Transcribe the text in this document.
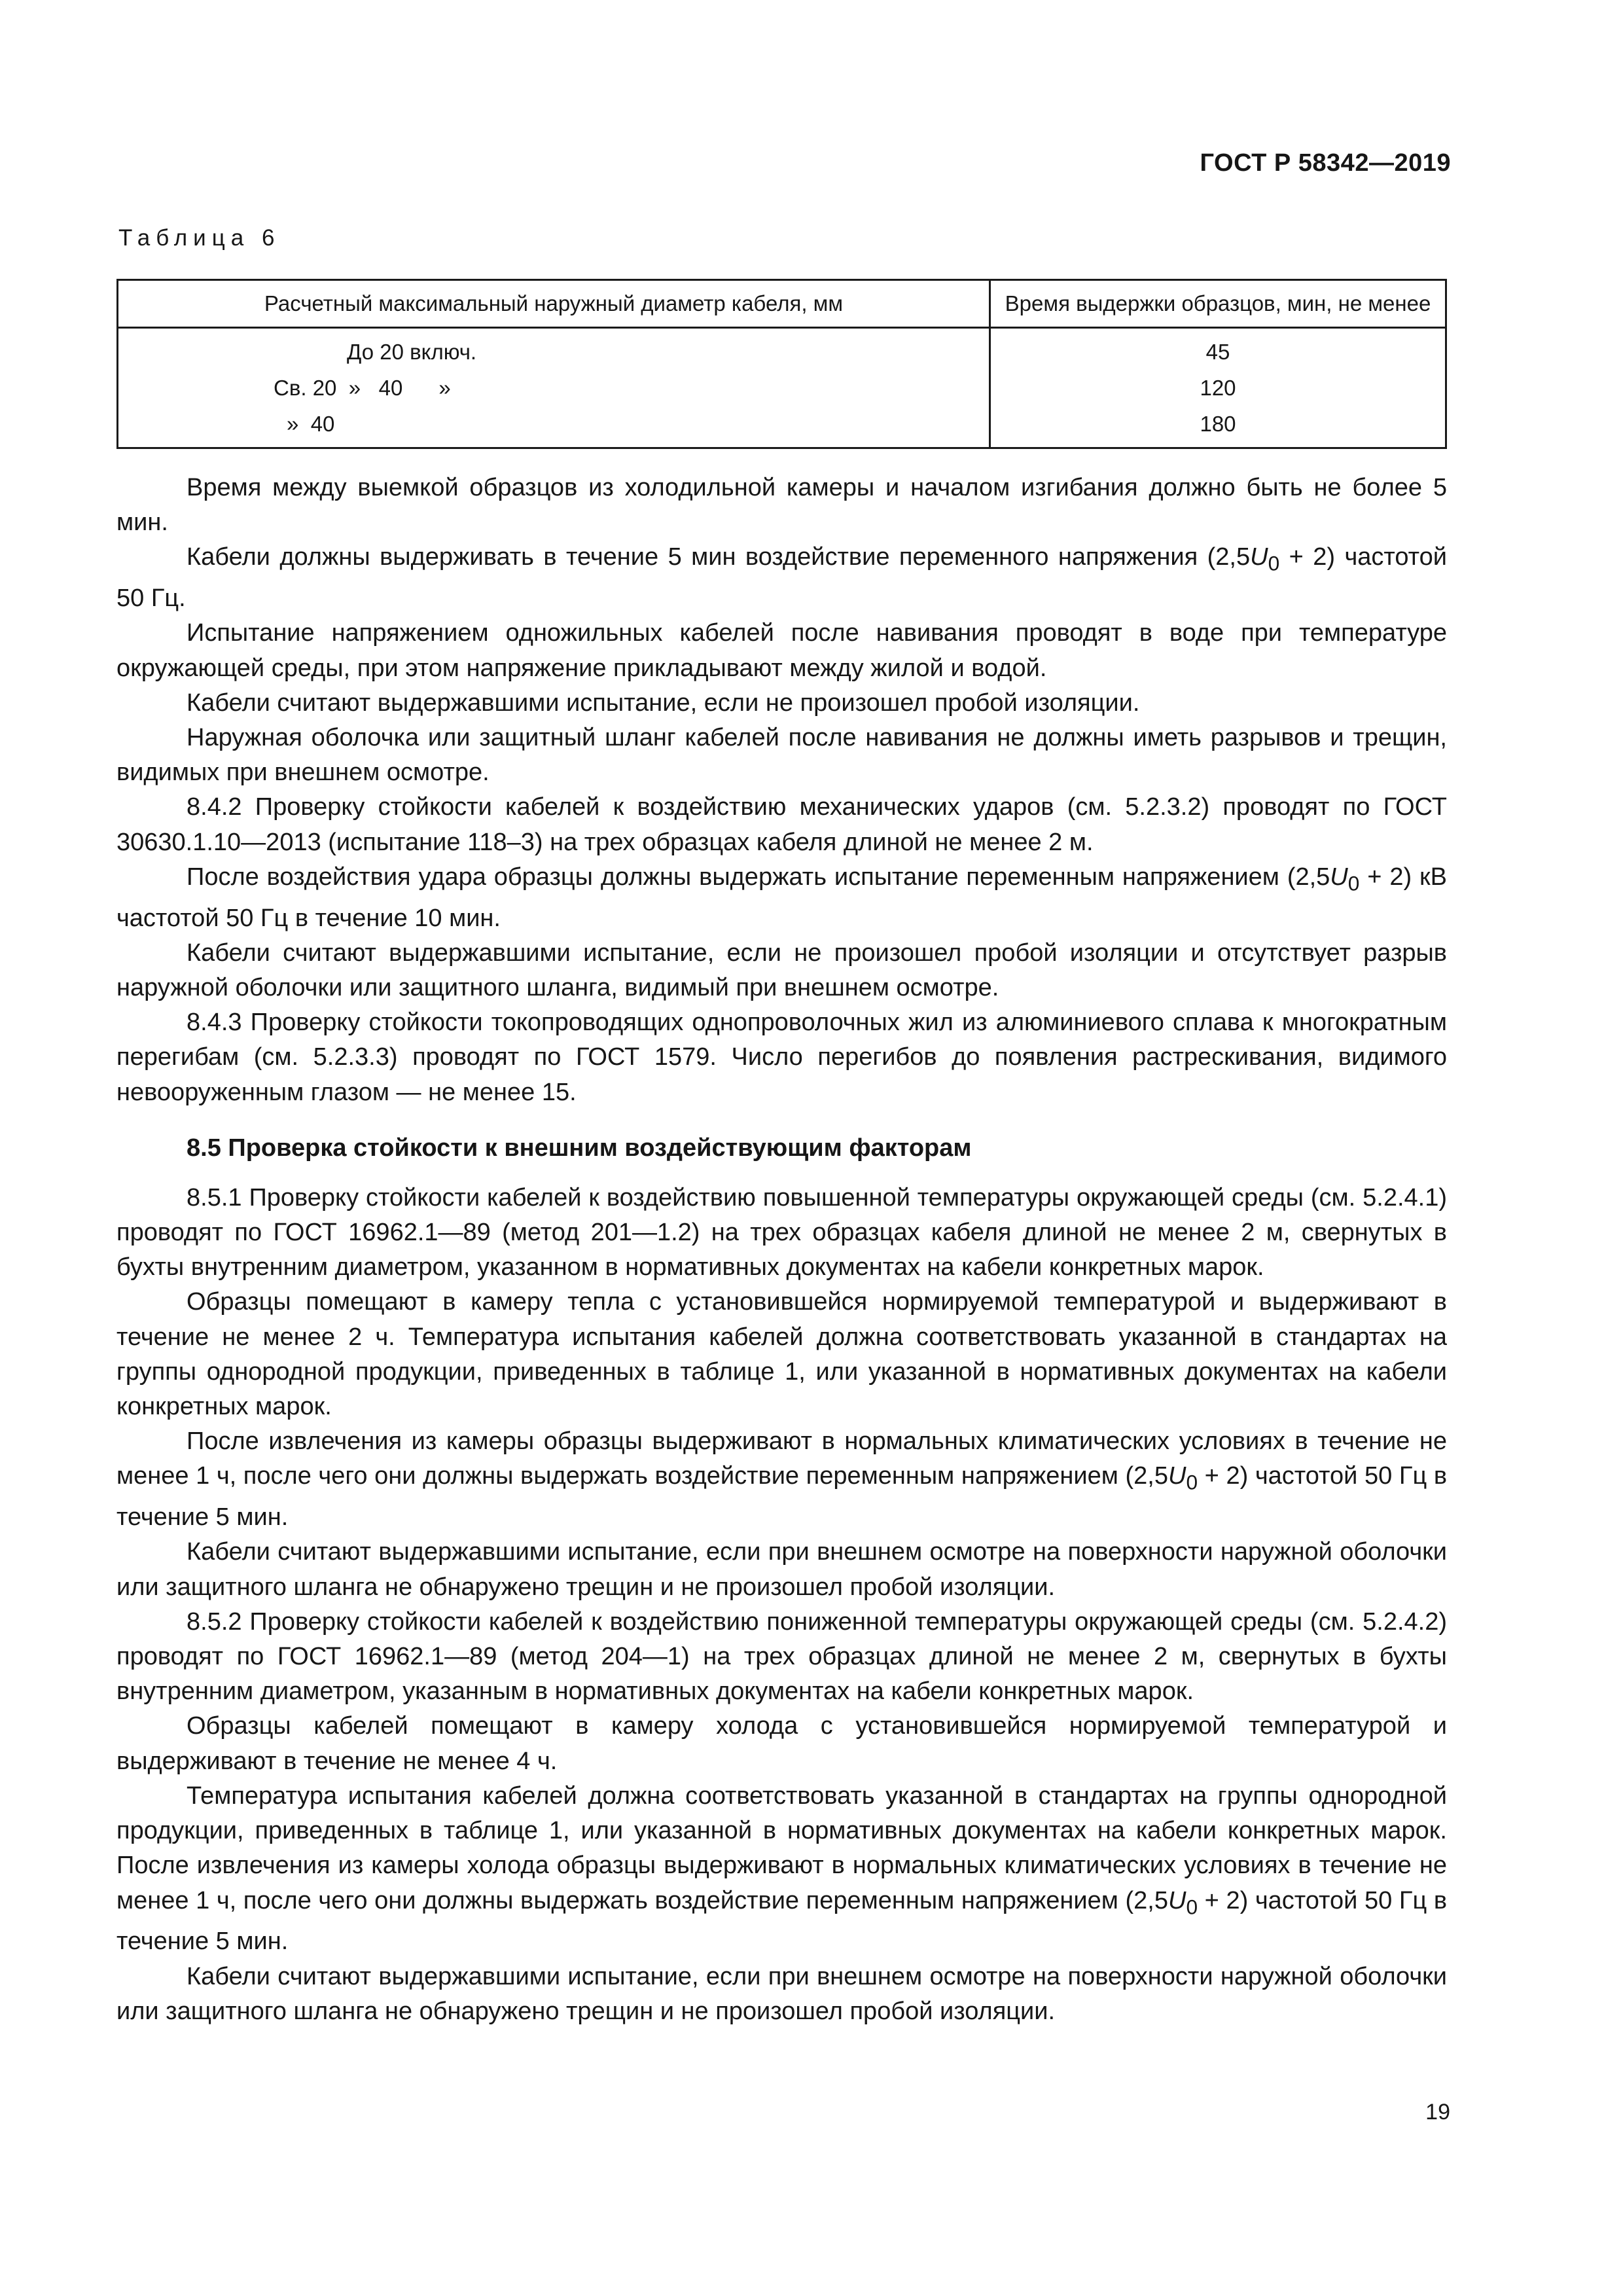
ГОСТ Р 58342—2019
Таблица 6
Расчетный максимальный наружный диаметр кабеля, мм	Время выдержки образцов, мин, не менее
До 20 включ.	45
Св. 20  »   40      »	120
»  40	180

Время между выемкой образцов из холодильной камеры и началом изгибания должно быть не более 5 мин.

Кабели должны выдерживать в течение 5 мин воздействие переменного напряжения $(2,5U_0 + 2)$ частотой 50 Гц.

Испытание напряжением одножильных кабелей после навивания проводят в воде при температуре окружающей среды, при этом напряжение прикладывают между жилой и водой.

Кабели считают выдержавшими испытание, если не произошел пробой изоляции.

Наружная оболочка или защитный шланг кабелей после навивания не должны иметь разрывов и трещин, видимых при внешнем осмотре.

8.4.2 Проверку стойкости кабелей к воздействию механических ударов (см. 5.2.3.2) проводят по ГОСТ 30630.1.10—2013 (испытание 118–3) на трех образцах кабеля длиной не менее 2 м.

После воздействия удара образцы должны выдержать испытание переменным напряжением $(2,5U_0 + 2)$ кВ частотой 50 Гц в течение 10 мин.

Кабели считают выдержавшими испытание, если не произошел пробой изоляции и отсутствует разрыв наружной оболочки или защитного шланга, видимый при внешнем осмотре.

8.4.3 Проверку стойкости токопроводящих однопроволочных жил из алюминиевого сплава к многократным перегибам (см. 5.2.3.3) проводят по ГОСТ 1579. Число перегибов до появления растрескивания, видимого невооруженным глазом — не менее 15.

8.5 Проверка стойкости к внешним воздействующим факторам

8.5.1 Проверку стойкости кабелей к воздействию повышенной температуры окружающей среды (см. 5.2.4.1) проводят по ГОСТ 16962.1—89 (метод 201—1.2) на трех образцах кабеля длиной не менее 2 м, свернутых в бухты внутренним диаметром, указанном в нормативных документах на кабели конкретных марок.

Образцы помещают в камеру тепла с установившейся нормируемой температурой и выдерживают в течение не менее 2 ч. Температура испытания кабелей должна соответствовать указанной в стандартах на группы однородной продукции, приведенных в таблице 1, или указанной в нормативных документах на кабели конкретных марок.

После извлечения из камеры образцы выдерживают в нормальных климатических условиях в течение не менее 1 ч, после чего они должны выдержать воздействие переменным напряжением $(2,5U_0 + 2)$ частотой 50 Гц в течение 5 мин.

Кабели считают выдержавшими испытание, если при внешнем осмотре на поверхности наружной оболочки или защитного шланга не обнаружено трещин и не произошел пробой изоляции.

8.5.2 Проверку стойкости кабелей к воздействию пониженной температуры окружающей среды (см. 5.2.4.2) проводят по ГОСТ 16962.1—89 (метод 204—1) на трех образцах длиной не менее 2 м, свернутых в бухты внутренним диаметром, указанным в нормативных документах на кабели конкретных марок.

Образцы кабелей помещают в камеру холода с установившейся нормируемой температурой и выдерживают в течение не менее 4 ч.

Температура испытания кабелей должна соответствовать указанной в стандартах на группы однородной продукции, приведенных в таблице 1, или указанной в нормативных документах на кабели конкретных марок. После извлечения из камеры холода образцы выдерживают в нормальных климатических условиях в течение не менее 1 ч, после чего они должны выдержать воздействие переменным напряжением $(2,5U_0 + 2)$ частотой 50 Гц в течение 5 мин.

Кабели считают выдержавшими испытание, если при внешнем осмотре на поверхности наружной оболочки или защитного шланга не обнаружено трещин и не произошел пробой изоляции.

19
